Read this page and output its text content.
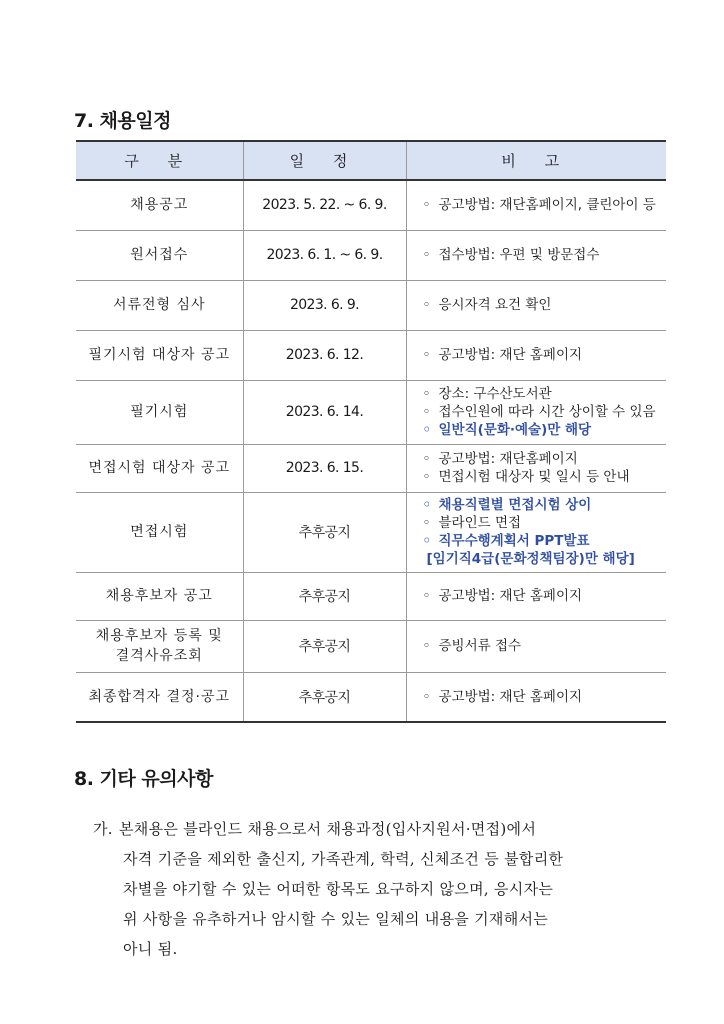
7. 채용일정
구 분	일 정	비 고
채용공고	2023. 5. 22. ~ 6. 9.	◦ 공고방법: 재단홈페이지, 클린아이 등

원서접수	2023. 6. 1. ~ 6. 9.	◦ 접수방법: 우편 및 방문접수

서류전형 심사	2023. 6. 9.	◦ 응시자격 요건 확인

필기시험 대상자 공고	2023. 6. 12.	◦ 공고방법: 재단 홈페이지

필기시험	2023. 6. 14.	◦ 장소: 구수산도서관
◦ 접수인원에 따라 시간 상이할 수 있음
◦ 일반직(문화·예술)만 해당

면접시험 대상자 공고	2023. 6. 15.	◦ 공고방법: 재단홈페이지
◦ 면접시험 대상자 및 일시 등 안내

면접시험	추후공지	◦ 채용직렬별 면접시험 상이
◦ 블라인드 면접
◦ 직무수행계획서 PPT발표
[임기직4급(문화정책팀장)만 해당]

채용후보자 공고	추후공지	◦ 공고방법: 재단 홈페이지

채용후보자 등록 및
결격사유조회	추후공지	◦ 증빙서류 접수

최종합격자 결정·공고	추후공지	◦ 공고방법: 재단 홈페이지
8. 기타 유의사항
가. 본채용은 블라인드 채용으로서 채용과정(입사지원서·면접)에서
자격 기준을 제외한 출신지, 가족관계, 학력, 신체조건 등 불합리한
차별을 야기할 수 있는 어떠한 항목도 요구하지 않으며, 응시자는
위 사항을 유추하거나 암시할 수 있는 일체의 내용을 기재해서는
아니 됨.
